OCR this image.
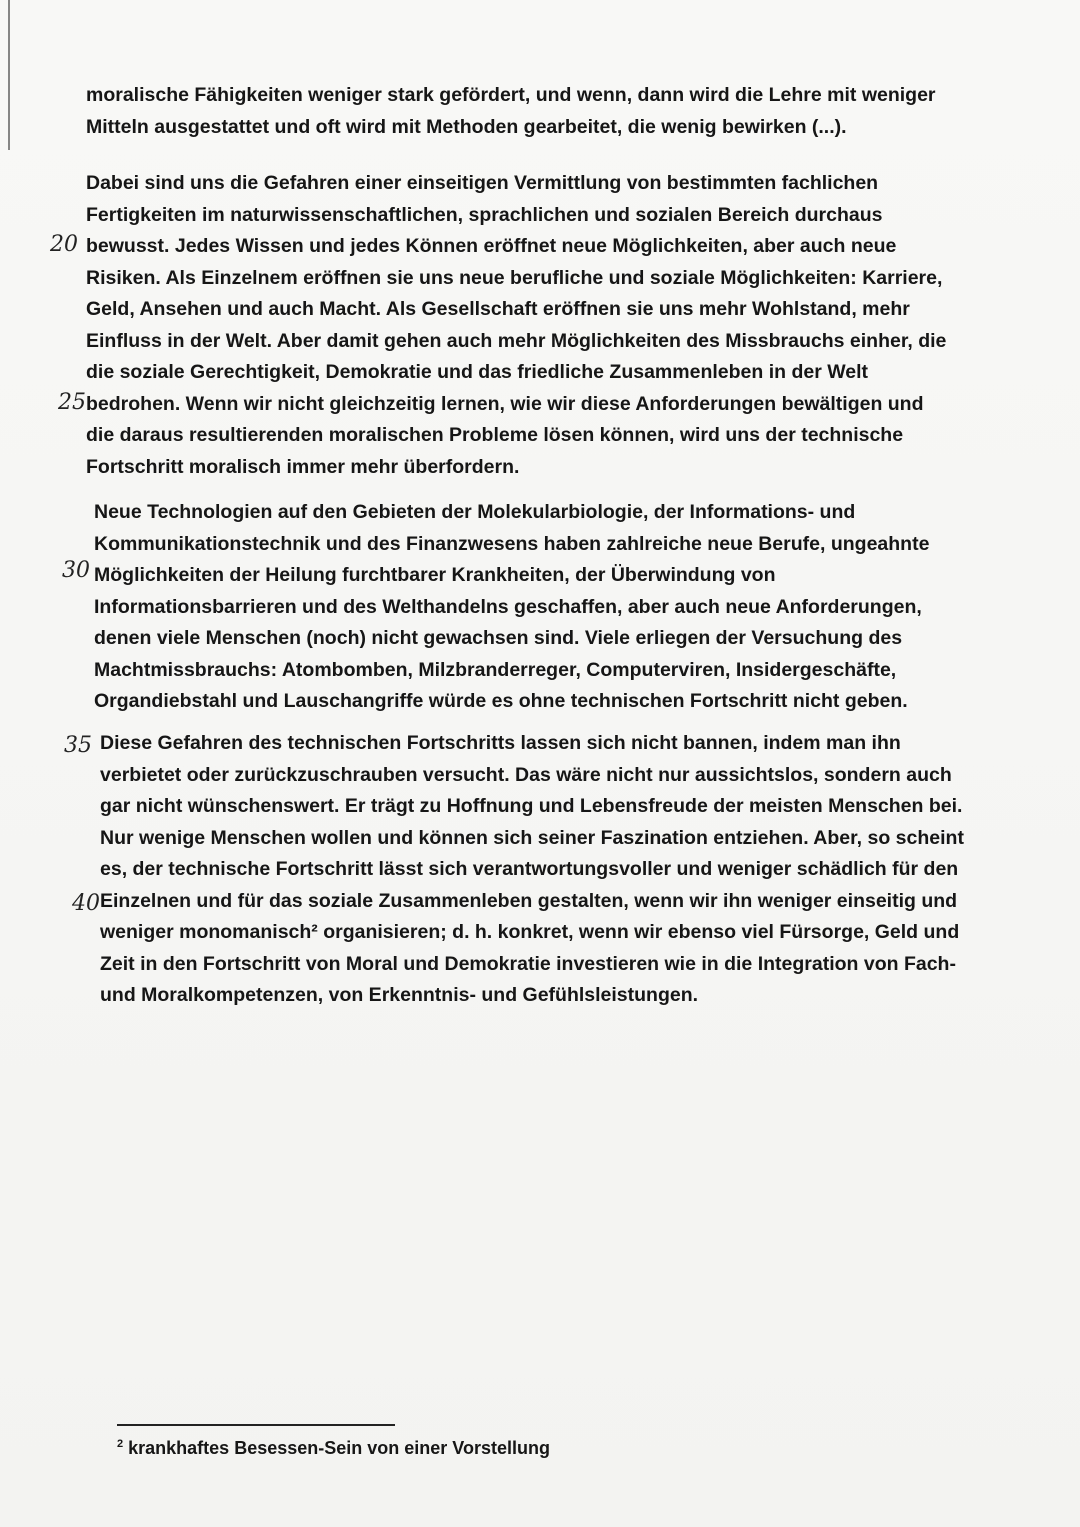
moralische Fähigkeiten weniger stark gefördert, und wenn, dann wird die Lehre mit weniger
Mitteln ausgestattet und oft wird mit Methoden gearbeitet, die wenig bewirken (...).
Dabei sind uns die Gefahren einer einseitigen Vermittlung von bestimmten fachlichen
Fertigkeiten im naturwissenschaftlichen, sprachlichen und sozialen Bereich durchaus
bewusst. Jedes Wissen und jedes Können eröffnet neue Möglichkeiten, aber auch neue
Risiken. Als Einzelnem eröffnen sie uns neue berufliche und soziale Möglichkeiten: Karriere,
Geld, Ansehen und auch Macht. Als Gesellschaft eröffnen sie uns mehr Wohlstand, mehr
Einfluss in der Welt. Aber damit gehen auch mehr Möglichkeiten des Missbrauchs einher, die
die soziale Gerechtigkeit, Demokratie und das friedliche Zusammenleben in der Welt
bedrohen. Wenn wir nicht gleichzeitig lernen, wie wir diese Anforderungen bewältigen und
die daraus resultierenden moralischen Probleme lösen können, wird uns der technische
Fortschritt moralisch immer mehr überfordern.
Neue Technologien auf den Gebieten der Molekularbiologie, der Informations- und
Kommunikationstechnik und des Finanzwesens haben zahlreiche neue Berufe, ungeahnte
Möglichkeiten der Heilung furchtbarer Krankheiten, der Überwindung von
Informationsbarrieren und des Welthandelns geschaffen, aber auch neue Anforderungen,
denen viele Menschen (noch) nicht gewachsen sind. Viele erliegen der Versuchung des
Machtmissbrauchs: Atombomben, Milzbranderreger, Computerviren, Insidergeschäfte,
Organdiebstahl und Lauschangriffe würde es ohne technischen Fortschritt nicht geben.
Diese Gefahren des technischen Fortschritts lassen sich nicht bannen, indem man ihn
verbietet oder zurückzuschrauben versucht. Das wäre nicht nur aussichtslos, sondern auch
gar nicht wünschenswert. Er trägt zu Hoffnung und Lebensfreude der meisten Menschen bei.
Nur wenige Menschen wollen und können sich seiner Faszination entziehen. Aber, so scheint
es, der technische Fortschritt lässt sich verantwortungsvoller und weniger schädlich für den
Einzelnen und für das soziale Zusammenleben gestalten, wenn wir ihn weniger einseitig und
weniger monomanisch² organisieren; d. h. konkret, wenn wir ebenso viel Fürsorge, Geld und
Zeit in den Fortschritt von Moral und Demokratie investieren wie in die Integration von Fach-
und Moralkompetenzen, von Erkenntnis- und Gefühlsleistungen.
20
25
30
35
40
$^2$ krankhaftes Besessen-Sein von einer Vorstellung
